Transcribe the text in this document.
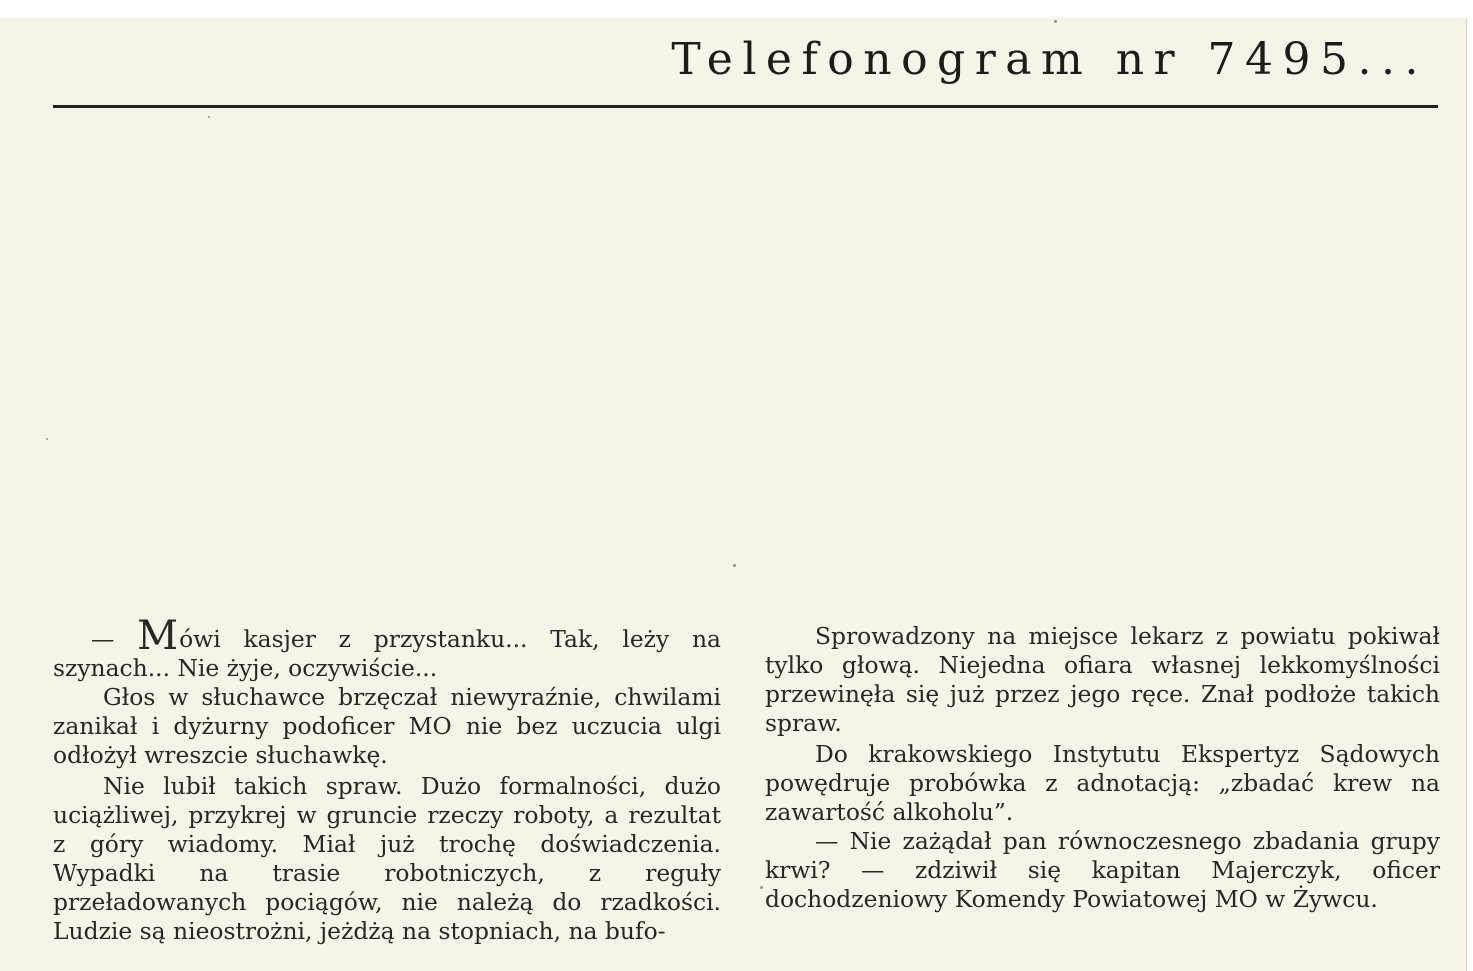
Telefonogram nr 7495...

— Mówi kasjer z przystanku... Tak, leży na szynach... Nie żyje, oczywiście...

Głos w słuchawce brzęczał niewyraźnie, chwilami zanikał i dyżurny podoficer MO nie bez uczucia ulgi odłożył wreszcie słuchawkę.

Nie lubił takich spraw. Dużo formalności, dużo uciążliwej, przykrej w gruncie rzeczy roboty, a rezultat z góry wiadomy. Miał już trochę doświadczenia. Wypadki na trasie robotniczych, z reguły przeładowanych pociągów, nie należą do rzadkości. Ludzie są nieostrożni, jeżdżą na stopniach, na bufo-

Sprowadzony na miejsce lekarz z powiatu pokiwał tylko głową. Niejedna ofiara własnej lekkomyślności przewinęła się już przez jego ręce. Znał podłoże takich spraw.

Do krakowskiego Instytutu Ekspertyz Sądowych powędruje probówka z adnotacją: „zbadać krew na zawartość alkoholu”.

— Nie zażądał pan równoczesnego zbadania grupy krwi? — zdziwił się kapitan Majerczyk, oficer dochodzeniowy Komendy Powiatowej MO w Żywcu.
